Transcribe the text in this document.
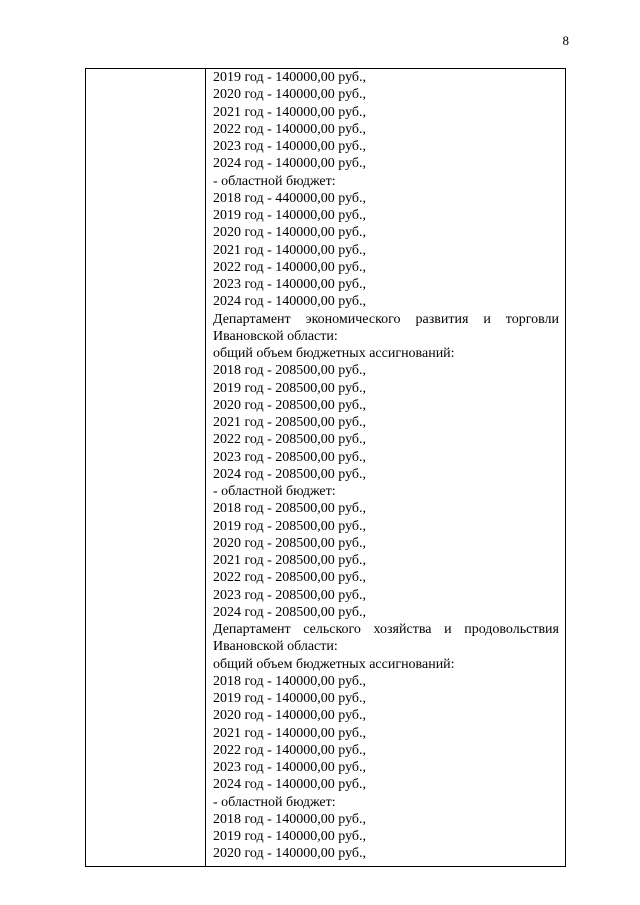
8
2019 год - 140000,00 руб.,
2020 год - 140000,00 руб.,
2021 год - 140000,00 руб.,
2022 год - 140000,00 руб.,
2023 год - 140000,00 руб.,
2024 год - 140000,00 руб.,
- областной бюджет:
2018 год - 440000,00 руб.,
2019 год - 140000,00 руб.,
2020 год - 140000,00 руб.,
2021 год - 140000,00 руб.,
2022 год - 140000,00 руб.,
2023 год - 140000,00 руб.,
2024 год - 140000,00 руб.,
Департамент экономического развития и торговли
Ивановской области:
общий объем бюджетных ассигнований:
2018 год - 208500,00 руб.,
2019 год - 208500,00 руб.,
2020 год - 208500,00 руб.,
2021 год - 208500,00 руб.,
2022 год - 208500,00 руб.,
2023 год - 208500,00 руб.,
2024 год - 208500,00 руб.,
- областной бюджет:
2018 год - 208500,00 руб.,
2019 год - 208500,00 руб.,
2020 год - 208500,00 руб.,
2021 год - 208500,00 руб.,
2022 год - 208500,00 руб.,
2023 год - 208500,00 руб.,
2024 год - 208500,00 руб.,
Департамент сельского хозяйства и продовольствия
Ивановской области:
общий объем бюджетных ассигнований:
2018 год - 140000,00 руб.,
2019 год - 140000,00 руб.,
2020 год - 140000,00 руб.,
2021 год - 140000,00 руб.,
2022 год - 140000,00 руб.,
2023 год - 140000,00 руб.,
2024 год - 140000,00 руб.,
- областной бюджет:
2018 год - 140000,00 руб.,
2019 год - 140000,00 руб.,
2020 год - 140000,00 руб.,
